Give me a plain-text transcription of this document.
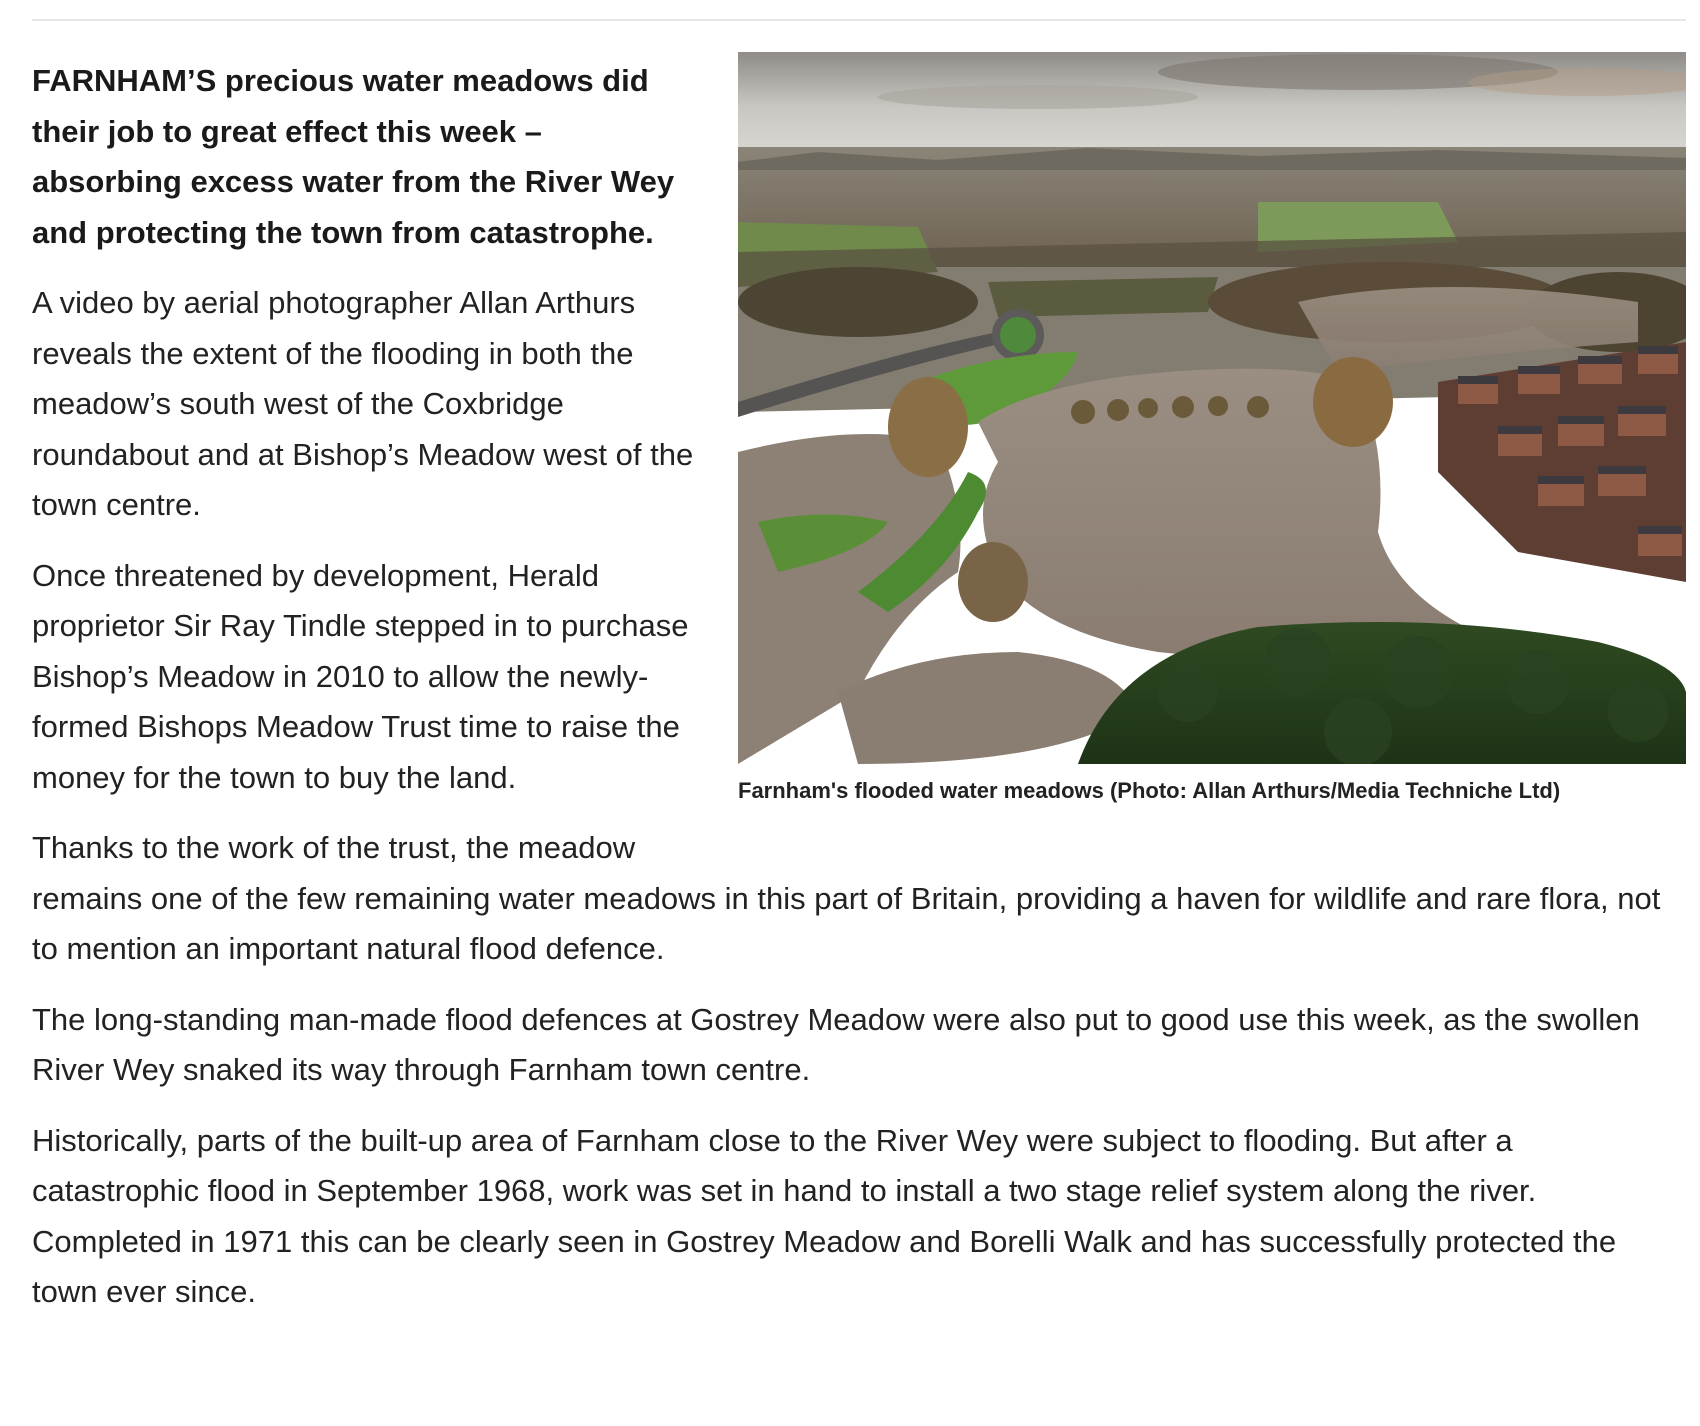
Farnham's flooded water meadows (Photo: Allan Arthurs/Media Techniche Ltd)

FARNHAM’S precious water meadows did their job to great effect this week – absorbing excess water from the River Wey and protecting the town from catastrophe.

A video by aerial photographer Allan Arthurs reveals the extent of the flooding in both the meadow’s south west of the Coxbridge roundabout and at Bishop’s Meadow west of the town centre.

Once threatened by development, Herald proprietor Sir Ray Tindle stepped in to purchase Bishop’s Meadow in 2010 to allow the newly-formed Bishops Meadow Trust time to raise the money for the town to buy the land.

Thanks to the work of the trust, the meadow remains one of the few remaining water meadows in this part of Britain, providing a haven for wildlife and rare flora, not to mention an important natural flood defence.

The long-standing man-made flood defences at Gostrey Meadow were also put to good use this week, as the swollen River Wey snaked its way through Farnham town centre.

Historically, parts of the built-up area of Farnham close to the River Wey were subject to flooding. But after a catastrophic flood in September 1968, work was set in hand to install a two stage relief system along the river. Completed in 1971 this can be clearly seen in Gostrey Meadow and Borelli Walk and has successfully protected the town ever since.
